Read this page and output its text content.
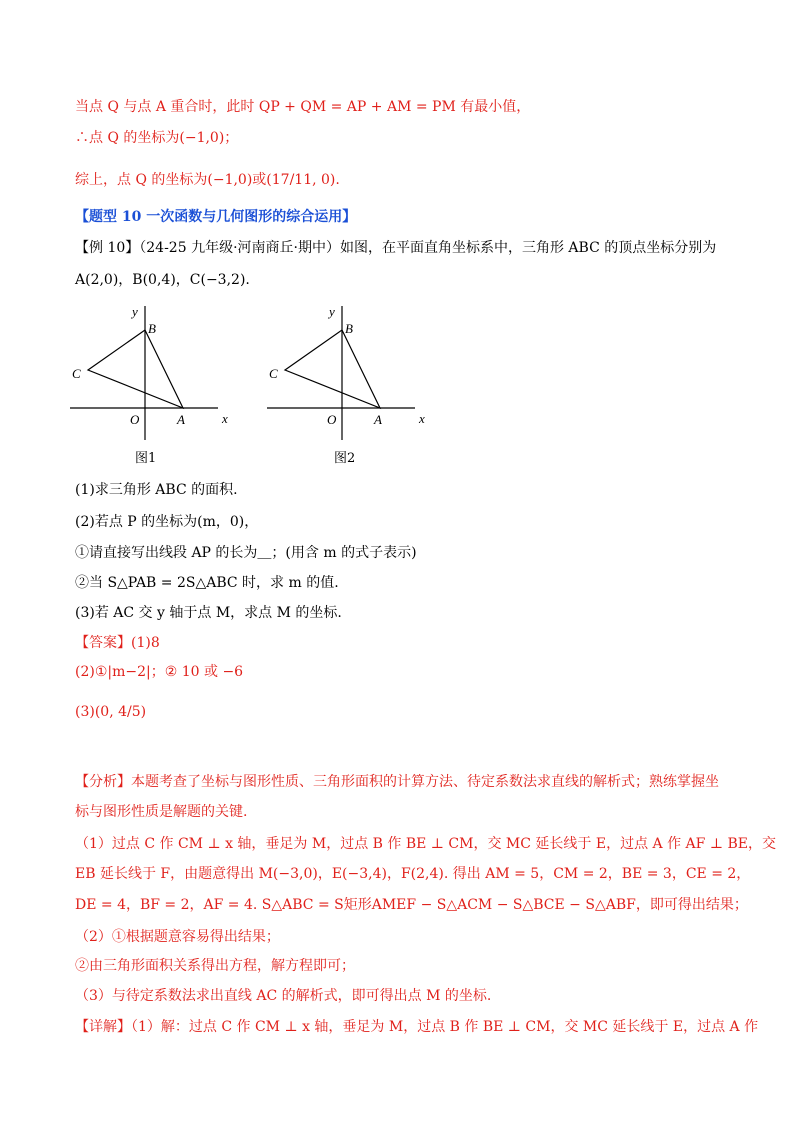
当点 Q 与点 A 重合时，此时 QP + QM = AP + AM = PM 有最小值，
∴点 Q 的坐标为(−1,0)；
综上，点 Q 的坐标为(−1,0)或(17/11, 0).
【题型 10 一次函数与几何图形的综合运用】
【例 10】（24-25 九年级·河南商丘·期中）如图，在平面直角坐标系中，三角形 ABC 的顶点坐标分别为
A(2,0)，B(0,4)，C(−3,2).
x
y
B
C
O	A
图1
x
y
B
C
O	A
图2
(1)求三角形 ABC 的面积.
(2)若点 P 的坐标为(m，0)，
①请直接写出线段 AP 的长为＿；(用含 m 的式子表示)
②当 S△PAB = 2S△ABC 时，求 m 的值.
(3)若 AC 交 y 轴于点 M，求点 M 的坐标.
【答案】(1)8
(2)①|m−2|；② 10 或 −6
(3)(0, 4/5)
【分析】本题考查了坐标与图形性质、三角形面积的计算方法、待定系数法求直线的解析式；熟练掌握坐
标与图形性质是解题的关键.
（1）过点 C 作 CM ⊥ x 轴，垂足为 M，过点 B 作 BE ⊥ CM，交 MC 延长线于 E，过点 A 作 AF ⊥ BE，交
EB 延长线于 F，由题意得出 M(−3,0)，E(−3,4)，F(2,4). 得出 AM = 5，CM = 2，BE = 3，CE = 2，
DE = 4，BF = 2，AF = 4. S△ABC = S矩形AMEF − S△ACM − S△BCE − S△ABF，即可得出结果；
（2）①根据题意容易得出结果；
②由三角形面积关系得出方程，解方程即可；
（3）与待定系数法求出直线 AC 的解析式，即可得出点 M 的坐标.
【详解】（1）解：过点 C 作 CM ⊥ x 轴，垂足为 M，过点 B 作 BE ⊥ CM，交 MC 延长线于 E，过点 A 作
